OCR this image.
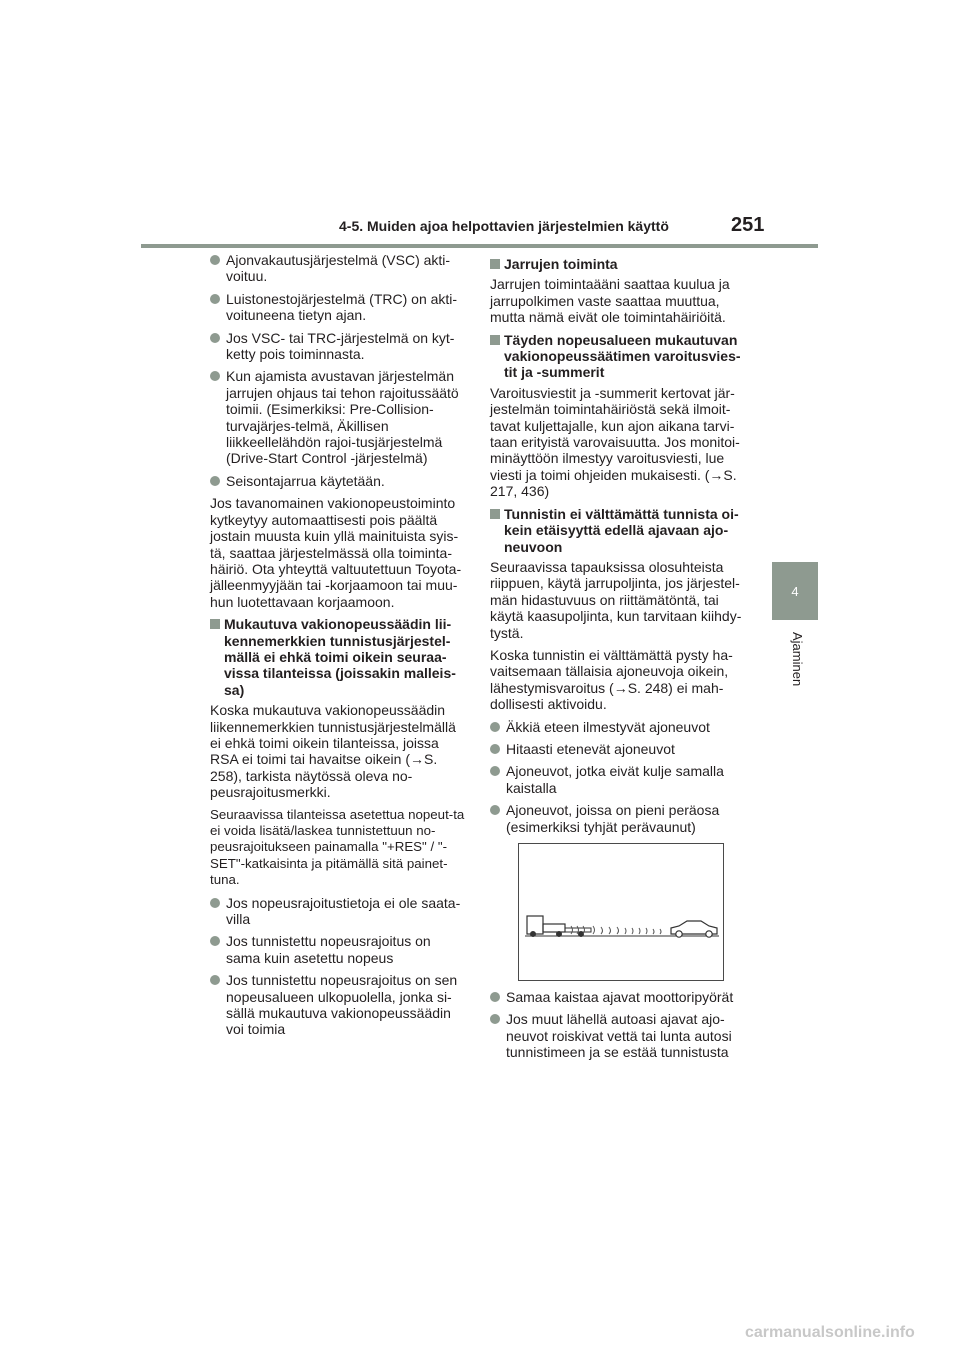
4-5. Muiden ajoa helpottavien järjestelmien käyttö	251
4
Ajaminen
Ajonvakautusjärjestelmä (VSC) akti-voituu.
Luistonestojärjestelmä (TRC) on akti-voituneena tietyn ajan.
Jos VSC- tai TRC-järjestelmä on kyt-ketty pois toiminnasta.
Kun ajamista avustavan järjestelmän jarrujen ohjaus tai tehon rajoitussäätö toimii. (Esimerkiksi: Pre-Collision-turvajärjes-telmä, Äkillisen liikkeellelähdön rajoi-tusjärjestelmä (Drive-Start Control -järjestelmä)
Seisontajarrua käytetään.

Jos tavanomainen vakionopeustoiminto kytkeytyy automaattisesti pois päältä jostain muusta kuin yllä mainituista syis-tä, saattaa järjestelmässä olla toiminta-häiriö. Ota yhteyttä valtuutettuun Toyota-jälleenmyyjään tai -korjaamoon tai muu-hun luotettavaan korjaamoon.

Mukautuva vakionopeussäädin lii-kennemerkkien tunnistusjärjestel-mällä ei ehkä toimi oikein seuraa-vissa tilanteissa (joissakin malleis-sa)

Koska mukautuva vakionopeussäädin liikennemerkkien tunnistusjärjestelmällä ei ehkä toimi oikein tilanteissa, joissa RSA ei toimi tai havaitse oikein (→S. 258), tarkista näytössä oleva no-peusrajoitusmerkki.

Seuraavissa tilanteissa asetettua nopeut-ta ei voida lisätä/laskea tunnistettuun no-peusrajoitukseen painamalla "+RES" / "-SET"-katkaisinta ja pitämällä sitä painet-tuna.

Jos nopeusrajoitustietoja ei ole saata-villa
Jos tunnistettu nopeusrajoitus on sama kuin asetettu nopeus
Jos tunnistettu nopeusrajoitus on sen nopeusalueen ulkopuolella, jonka si-sällä mukautuva vakionopeussäädin voi toimia
Jarrujen toiminta

Jarrujen toimintaääni saattaa kuulua ja jarrupolkimen vaste saattaa muuttua, mutta nämä eivät ole toimintahäiriöitä.

Täyden nopeusalueen mukautuvan vakionopeussäätimen varoitusvies-tit ja -summerit

Varoitusviestit ja -summerit kertovat jär-jestelmän toimintahäiriöstä sekä ilmoit-tavat kuljettajalle, kun ajon aikana tarvi-taan erityistä varovaisuutta. Jos monitoi-minäyttöön ilmestyy varoitusviesti, lue viesti ja toimi ohjeiden mukaisesti. (→S. 217, 436)

Tunnistin ei välttämättä tunnista oi-kein etäisyyttä edellä ajavaan ajo-neuvoon

Seuraavissa tapauksissa olosuhteista riippuen, käytä jarrupoljinta, jos järjestel-män hidastuvuus on riittämätöntä, tai käytä kaasupoljinta, kun tarvitaan kiihdy-tystä.

Koska tunnistin ei välttämättä pysty ha-vaitsemaan tällaisia ajoneuvoja oikein, lähestymisvaroitus (→S. 248) ei mah-dollisesti aktivoidu.

Äkkiä eteen ilmestyvät ajoneuvot
Hitaasti etenevät ajoneuvot
Ajoneuvot, jotka eivät kulje samalla kaistalla
Ajoneuvot, joissa on pieni peräosa (esimerkiksi tyhjät perävaunut)
Samaa kaistaa ajavat moottoripyörät
Jos muut lähellä autoasi ajavat ajo-neuvot roiskivat vettä tai lunta autosi tunnistimeen ja se estää tunnistusta
carmanualsonline.info
